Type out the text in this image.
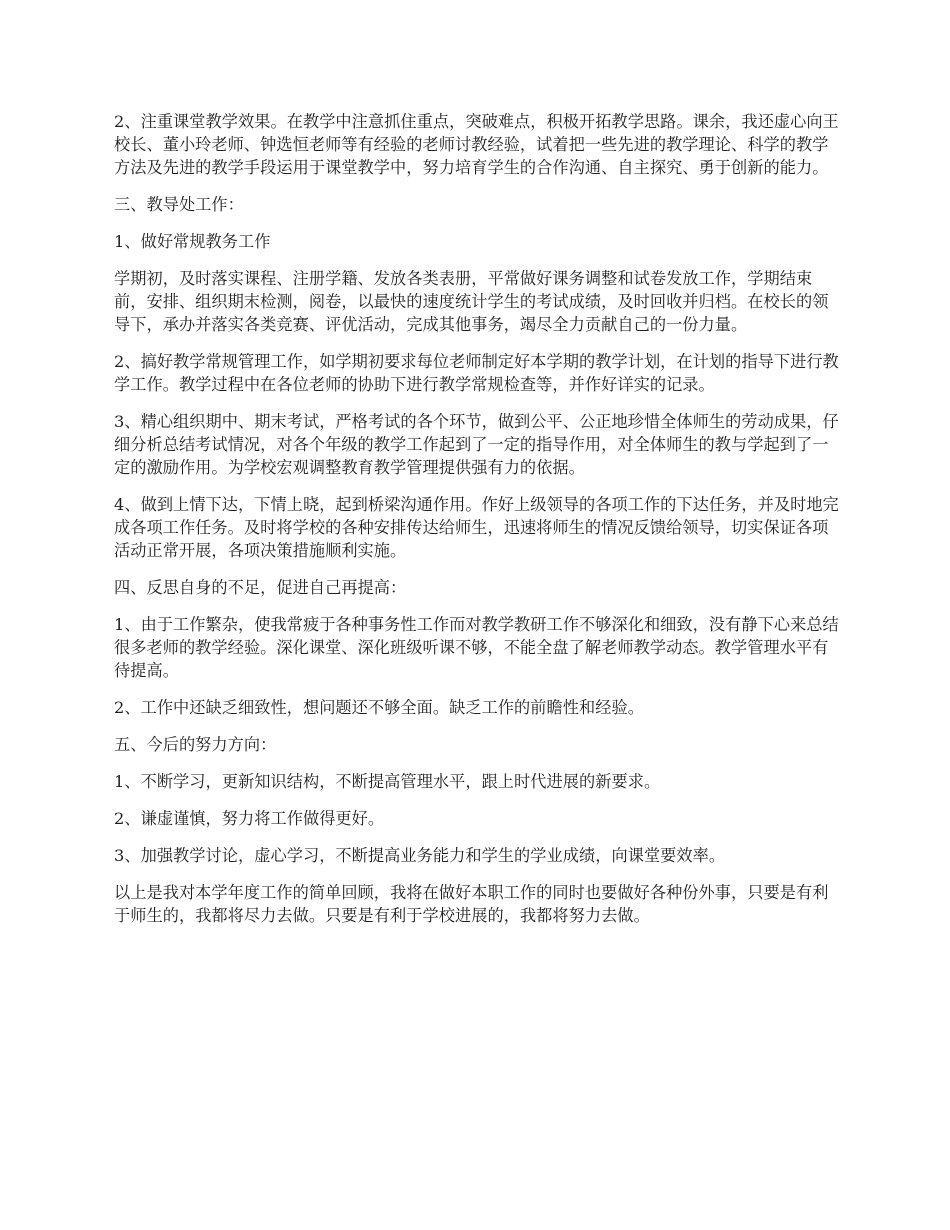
2、注重课堂教学效果。在教学中注意抓住重点，突破难点，积极开拓教学思路。课余，我还虚心向王校长、董小玲老师、钟选恒老师等有经验的老师讨教经验，试着把一些先进的教学理论、科学的教学方法及先进的教学手段运用于课堂教学中，努力培育学生的合作沟通、自主探究、勇于创新的能力。

三、教导处工作：

1、做好常规教务工作

学期初，及时落实课程、注册学籍、发放各类表册，平常做好课务调整和试卷发放工作，学期结束前，安排、组织期末检测，阅卷，以最快的速度统计学生的考试成绩，及时回收并归档。在校长的领导下，承办并落实各类竞赛、评优活动，完成其他事务，竭尽全力贡献自己的一份力量。

2、搞好教学常规管理工作，如学期初要求每位老师制定好本学期的教学计划，在计划的指导下进行教学工作。教学过程中在各位老师的协助下进行教学常规检查等，并作好详实的记录。

3、精心组织期中、期末考试，严格考试的各个环节，做到公平、公正地珍惜全体师生的劳动成果，仔细分析总结考试情况，对各个年级的教学工作起到了一定的指导作用，对全体师生的教与学起到了一定的激励作用。为学校宏观调整教育教学管理提供强有力的依据。

4、做到上情下达，下情上晓，起到桥梁沟通作用。作好上级领导的各项工作的下达任务，并及时地完成各项工作任务。及时将学校的各种安排传达给师生，迅速将师生的情况反馈给领导，切实保证各项活动正常开展，各项决策措施顺利实施。

四、反思自身的不足，促进自己再提高：

1、由于工作繁杂，使我常疲于各种事务性工作而对教学教研工作不够深化和细致，没有静下心来总结很多老师的教学经验。深化课堂、深化班级听课不够，不能全盘了解老师教学动态。教学管理水平有待提高。

2、工作中还缺乏细致性，想问题还不够全面。缺乏工作的前瞻性和经验。

五、今后的努力方向：

1、不断学习，更新知识结构，不断提高管理水平，跟上时代进展的新要求。

2、谦虚谨慎，努力将工作做得更好。

3、加强教学讨论，虚心学习，不断提高业务能力和学生的学业成绩，向课堂要效率。

以上是我对本学年度工作的简单回顾，我将在做好本职工作的同时也要做好各种份外事，只要是有利于师生的，我都将尽力去做。只要是有利于学校进展的，我都将努力去做。
